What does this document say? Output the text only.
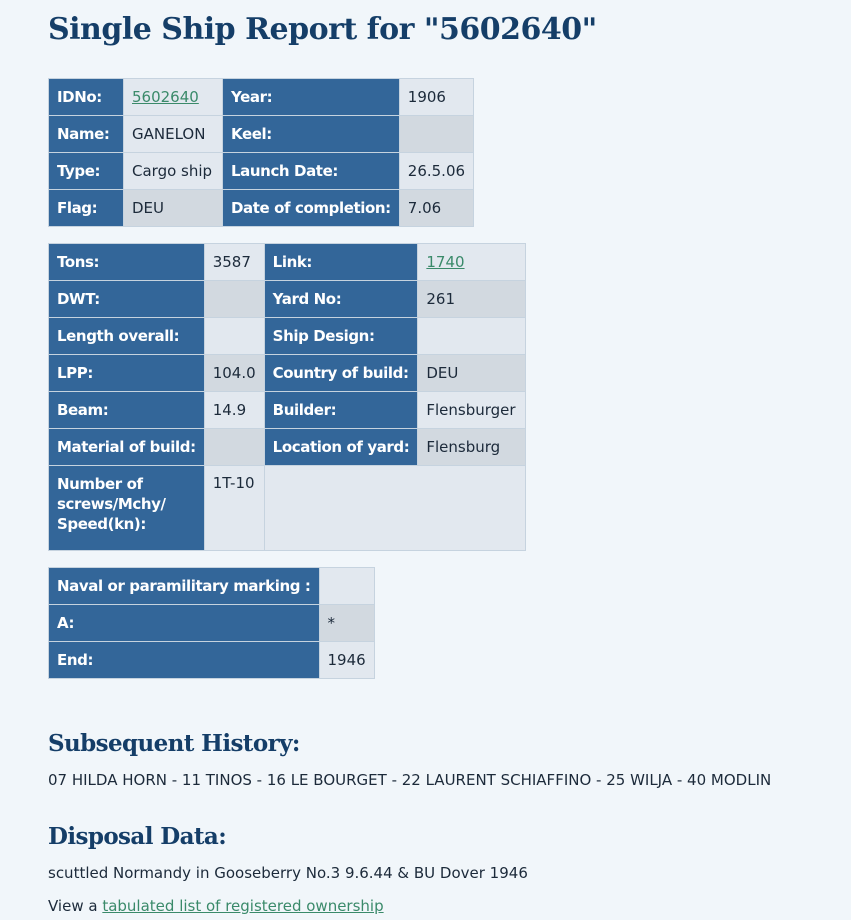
Single Ship Report for "5602640"
IDNo:	5602640	Year:	1906
Name:	GANELON	Keel:	
Type:	Cargo ship	Launch Date:	26.5.06
Flag:	DEU	Date of completion:	7.06
Tons:	3587	Link:	1740
DWT:		Yard No:	261
Length overall:		Ship Design:	
LPP:	104.0	Country of build:	DEU
Beam:	14.9	Builder:	Flensburger
Material of build:		Location of yard:	Flensburg
Number of screws/Mchy/ Speed(kn):	1T-10		
Naval or paramilitary marking :	
A:	*
End:	1946
Subsequent History:

07 HILDA HORN - 11 TINOS - 16 LE BOURGET - 22 LAURENT SCHIAFFINO - 25 WILJA - 40 MODLIN

Disposal Data:

scuttled Normandy in Gooseberry No.3 9.6.44 & BU Dover 1946

View a tabulated list of registered ownership
